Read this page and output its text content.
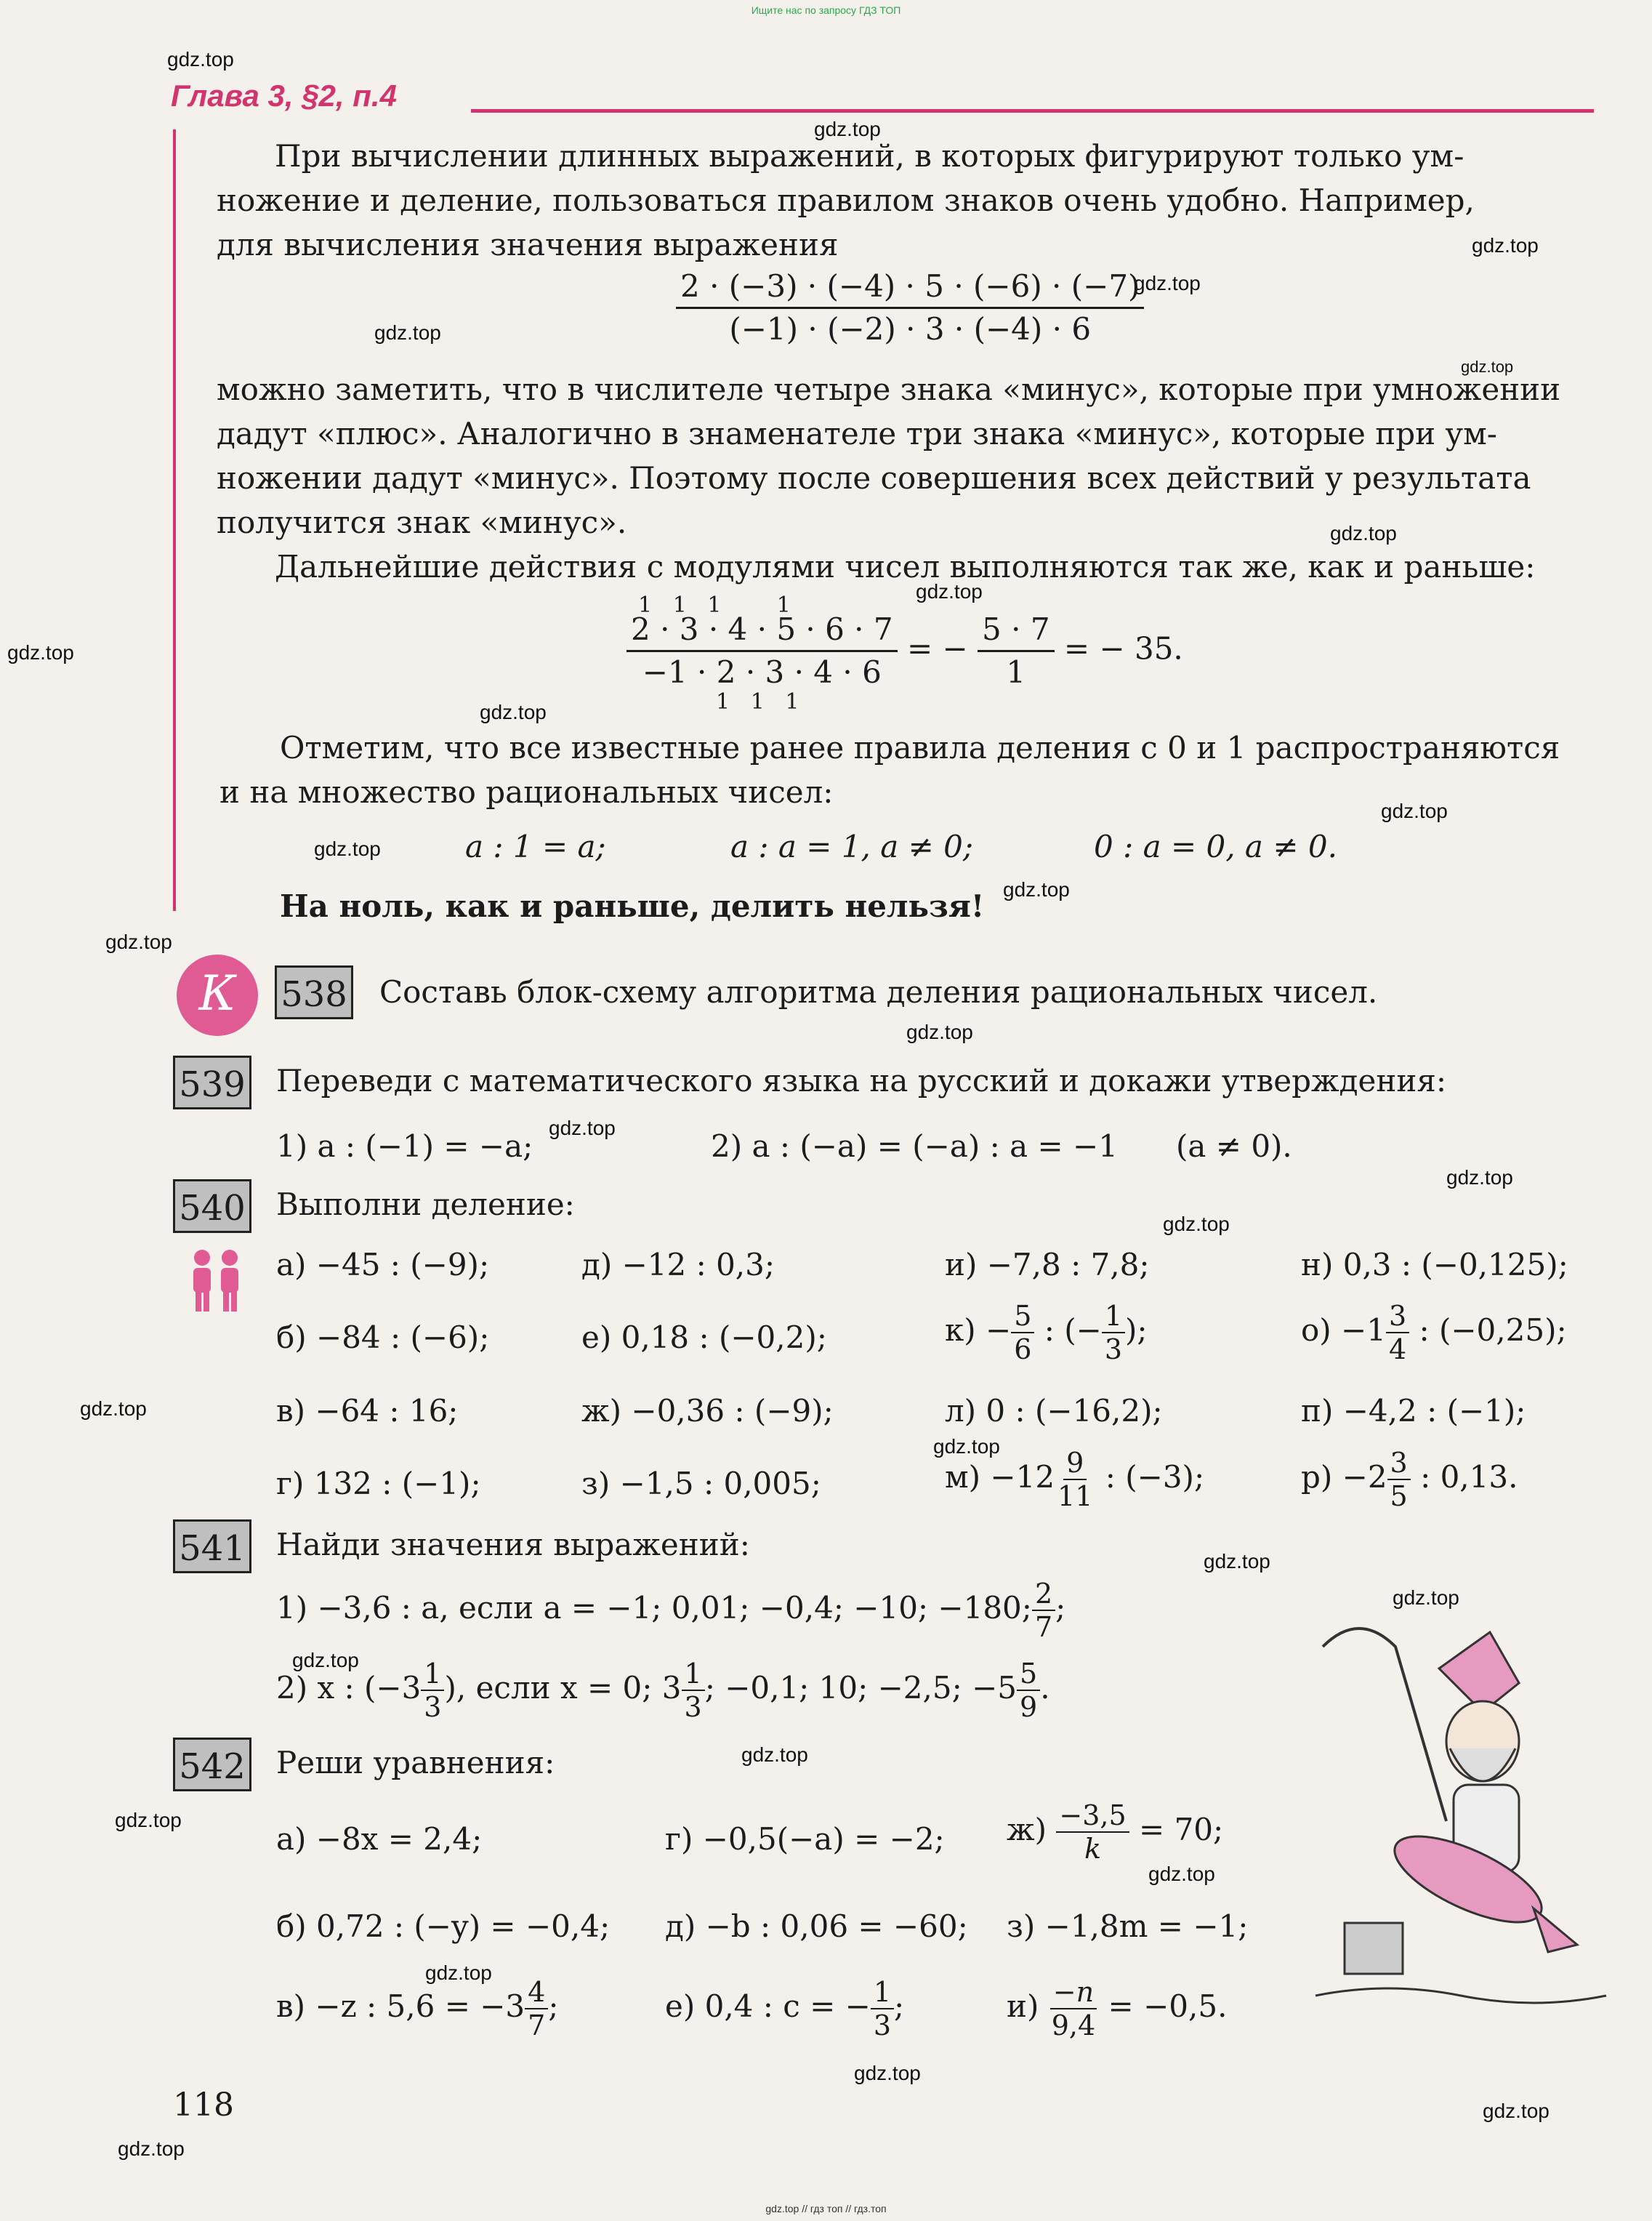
Ищите нас по запросу ГДЗ ТОП
gdz.top
gdz.top
gdz.top
gdz.top
gdz.top
gdz.top
gdz.top
gdz.top
gdz.top
gdz.top
gdz.top
gdz.top
gdz.top
gdz.top
gdz.top
gdz.top
gdz.top
gdz.top
gdz.top
gdz.top
gdz.top
gdz.top
gdz.top
gdz.top
gdz.top
gdz.top
gdz.top
gdz.top
gdz.top
gdz.top
Глава 3, §2, п.4
При вычислении длинных выражений, в которых фигурируют только ум-
ножение и деление, пользоваться правилом знаков очень удобно. Например,
для вычисления значения выражения
$\frac{2 \cdot (-3) \cdot (-4) \cdot 5 \cdot (-6) \cdot (-7)}{(-1) \cdot (-2) \cdot 3 \cdot (-4) \cdot 6}$
можно заметить, что в числителе четыре знака «минус», которые при умножении
дадут «плюс». Аналогично в знаменателе три знака «минус», которые при ум-
ножении дадут «минус». Поэтому после совершения всех действий у результата
получится знак «минус».
Дальнейшие действия с модулями чисел выполняются так же, как и раньше:
1   1   1        1
$\frac{2 \cdot 3 \cdot 4 \cdot 5 \cdot 6 \cdot 7}{-1 \cdot 2 \cdot 3 \cdot 4 \cdot 6}$ = − $\frac{5 \cdot 7}{1}$ = − 35.
1   1   1
Отметим, что все известные ранее правила деления с 0 и 1 распространяются
и на множество рациональных чисел:
a : 1 = a;	a : a = 1, a ≠ 0;	0 : a = 0, a ≠ 0.
На ноль, как и раньше, делить нельзя!
К	538 Составь блок-схему алгоритма деления рациональных чисел.
539 Переведи с математического языка на русский и докажи утверждения:
1) a : (−1) = −a;	2) a : (−a) = (−a) : a = −1 (a ≠ 0).
540 Выполни деление:
а) −45 : (−9);	д) −12 : 0,3;	и) −7,8 : 7,8;	н) 0,3 : (−0,125);
б) −84 : (−6);	е) 0,18 : (−0,2);	$к) - \frac{5}{6}$ : (− $\frac{1}{3}$ );	$о) -1 \frac{3}{4}$ : (−0,25);
в) −64 : 16;	ж) −0,36 : (−9);	л) 0 : (−16,2);	п) −4,2 : (−1);
г) 132 : (−1);	з) −1,5 : 0,005;	$м) -12 \frac{9}{11}$ : (−3);	$р) -2 \frac{3}{5}$ : 0,13.
541 Найди значения выражений:
1) −3,6 : a, если a = −1; 0,01; −0,4; −10; −180; $\frac{2}{7}$ ;
2) x : ($-3 \frac{1}{3}$ ), если x = 0; $3 \frac{1}{3}$ ; −0,1; 10; −2,5; $-5 \frac{5}{9}$ .
542 Реши уравнения:
а) −8x = 2,4;	г) −0,5(−a) = −2; $ж) \frac{-3,5}{k} = 70$;
б) 0,72 : (−y) = −0,4; д) −b : 0,06 = −60; з) −1,8m = −1;
в) −z : $5,6 = -3 \frac{4}{7}$ ;	е) 0,4 : c = − $\frac{1}{3}$ ;	$и) \frac{-n}{9,4} = -0,5$.
118
gdz.top // гдз топ // гдз.топ
